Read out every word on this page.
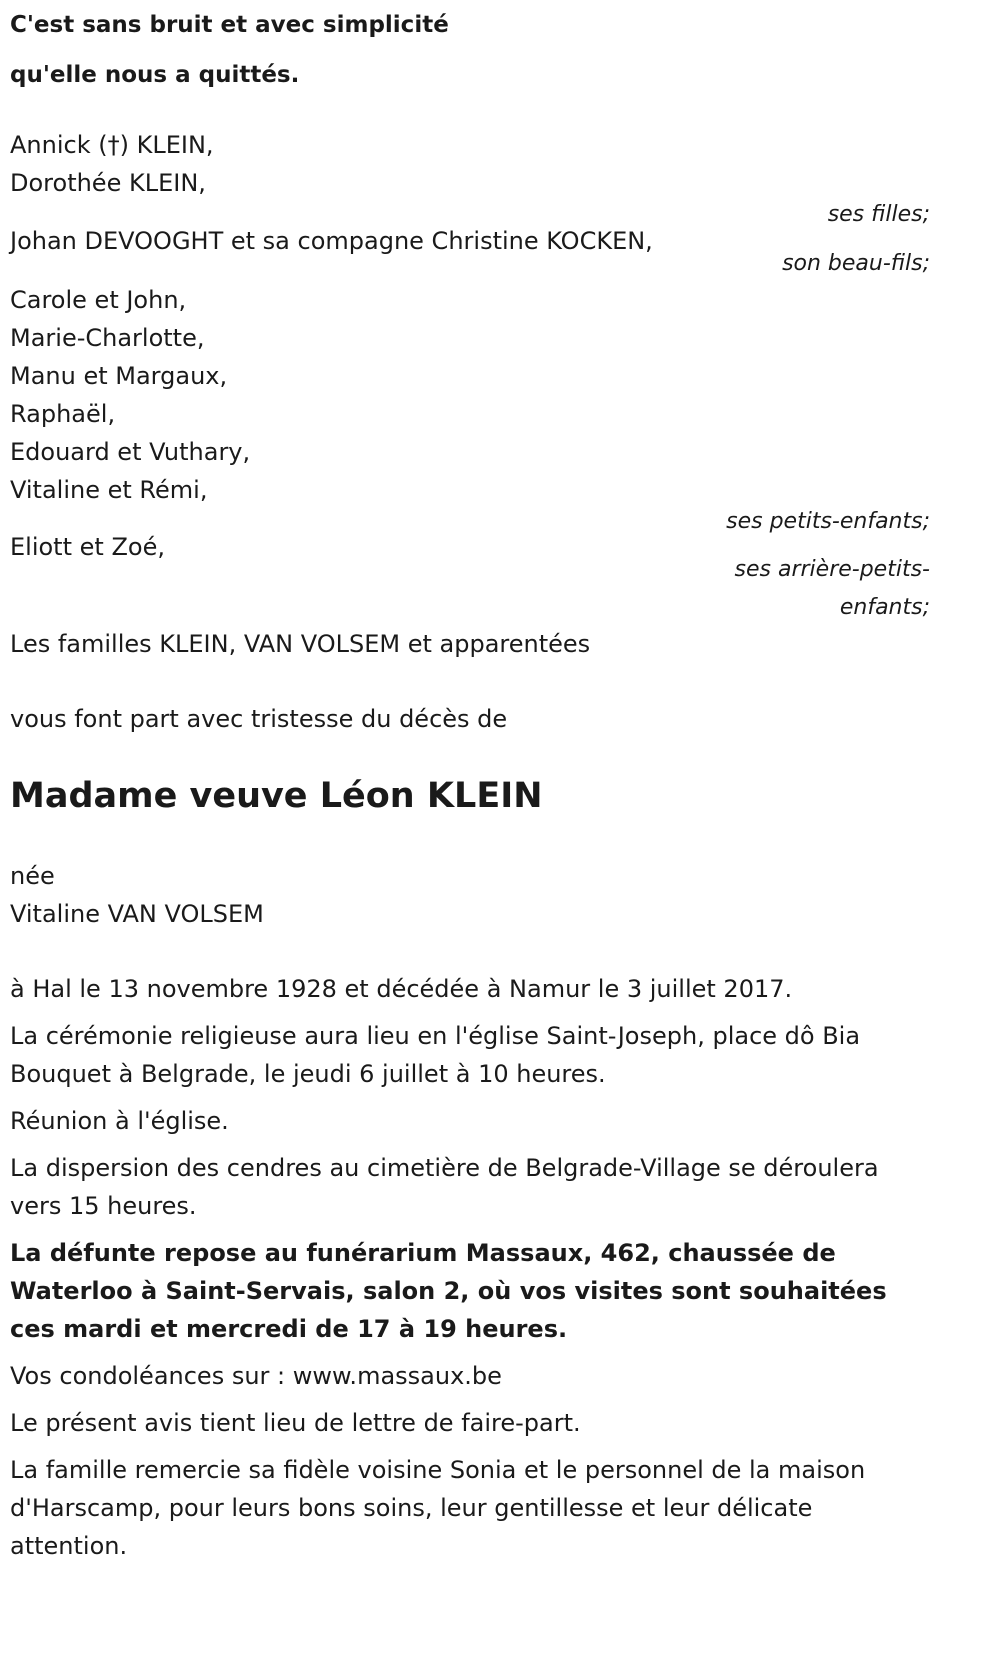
C'est sans bruit et avec simplicité
qu'elle nous a quittés.
Annick (†) KLEIN,
Dorothée KLEIN,
ses filles;
Johan DEVOOGHT et sa compagne Christine KOCKEN,
son beau-fils;
Carole et John,
Marie-Charlotte,
Manu et Margaux,
Raphaël,
Edouard et Vuthary,
Vitaline et Rémi,
ses petits-enfants;
Eliott et Zoé,
ses arrière-petits-
enfants;
Les familles KLEIN, VAN VOLSEM et apparentées
vous font part avec tristesse du décès de
Madame veuve Léon KLEIN
née
Vitaline VAN VOLSEM

à Hal le 13 novembre 1928 et décédée à Namur le 3 juillet 2017.

La cérémonie religieuse aura lieu en l'église Saint-Joseph, place dô Bia Bouquet à Belgrade, le jeudi 6 juillet à 10 heures.

Réunion à l'église.

La dispersion des cendres au cimetière de Belgrade-Village se déroulera vers 15 heures.

La défunte repose au funérarium Massaux, 462, chaussée de Waterloo à Saint-Servais, salon 2, où vos visites sont souhaitées ces mardi et mercredi de 17 à 19 heures.

Vos condoléances sur : www.massaux.be

Le présent avis tient lieu de lettre de faire-part.

La famille remercie sa fidèle voisine Sonia et le personnel de la maison d'Harscamp, pour leurs bons soins, leur gentillesse et leur délicate attention.
